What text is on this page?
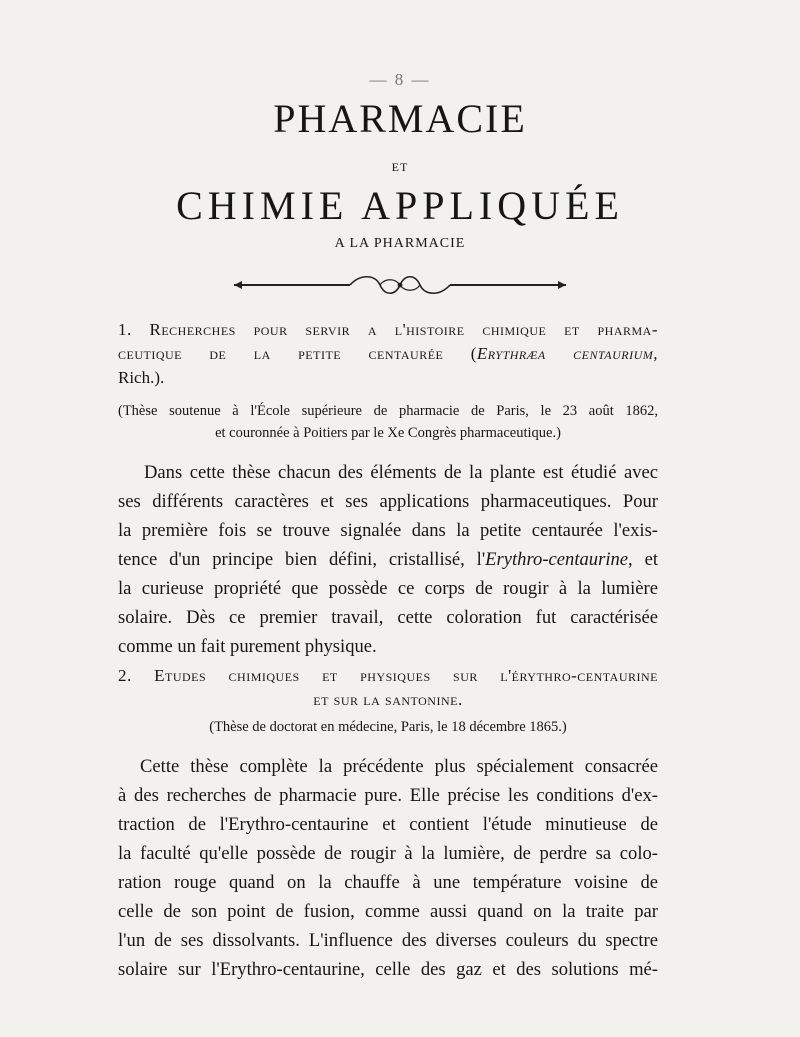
— 8 —
PHARMACIE
ET
CHIMIE APPLIQUÉE
A LA PHARMACIE
1. Recherches pour servir a l'histoire chimique et pharma-
ceutique de la petite centaurée (Erythræa centaurium,
Rich.).
(Thèse soutenue à l'École supérieure de pharmacie de Paris, le 23 août 1862,
et couronnée à Poitiers par le Xe Congrès pharmaceutique.)
Dans cette thèse chacun des éléments de la plante est étudié avec
ses différents caractères et ses applications pharmaceutiques. Pour
la première fois se trouve signalée dans la petite centaurée l'exis-
tence d'un principe bien défini, cristallisé, l'Erythro-centaurine, et
la curieuse propriété que possède ce corps de rougir à la lumière
solaire. Dès ce premier travail, cette coloration fut caractérisée
comme un fait purement physique.
2. Etudes chimiques et physiques sur l'érythro-centaurine
et sur la santonine.
(Thèse de doctorat en médecine, Paris, le 18 décembre 1865.)
Cette thèse complète la précédente plus spécialement consacrée
à des recherches de pharmacie pure. Elle précise les conditions d'ex-
traction de l'Erythro-centaurine et contient l'étude minutieuse de
la faculté qu'elle possède de rougir à la lumière, de perdre sa colo-
ration rouge quand on la chauffe à une température voisine de
celle de son point de fusion, comme aussi quand on la traite par
l'un de ses dissolvants. L'influence des diverses couleurs du spectre
solaire sur l'Erythro-centaurine, celle des gaz et des solutions mé-
